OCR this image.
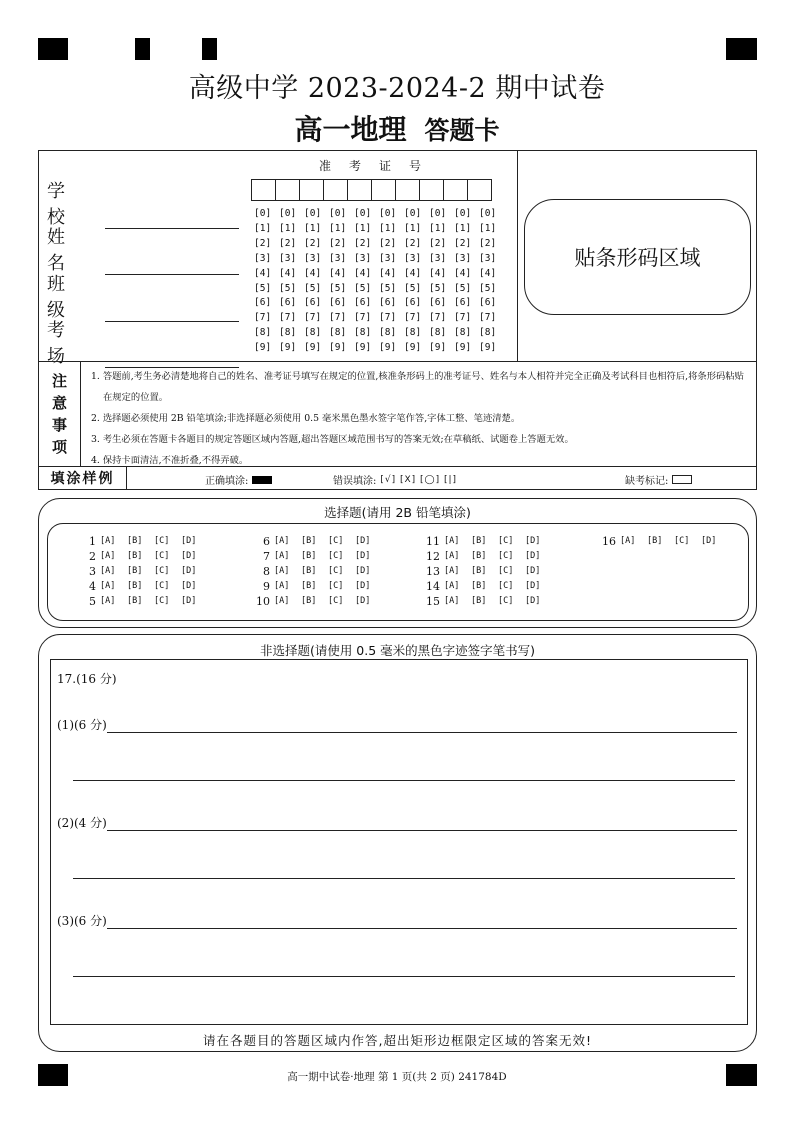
高级中学 2023-2024-2 期中试卷
高一地理 答题卡
学 校
姓 名
班 级
考 场
准考证号
[0] [0] [0] [0] [0] [0] [0] [0] [0] [0]
[1] [1] [1] [1] [1] [1] [1] [1] [1] [1]
[2] [2] [2] [2] [2] [2] [2] [2] [2] [2]
[3] [3] [3] [3] [3] [3] [3] [3] [3] [3]
[4] [4] [4] [4] [4] [4] [4] [4] [4] [4]
[5] [5] [5] [5] [5] [5] [5] [5] [5] [5]
[6] [6] [6] [6] [6] [6] [6] [6] [6] [6]
[7] [7] [7] [7] [7] [7] [7] [7] [7] [7]
[8] [8] [8] [8] [8] [8] [8] [8] [8] [8]
[9] [9] [9] [9] [9] [9] [9] [9] [9] [9]
贴条形码区域
注
意
事
项
1. 答题前,考生务必清楚地将自己的姓名、准考证号填写在规定的位置,核准条形码上的准考证号、姓名与本人相符并完全正确及考试科目也相符后,将条形码粘贴在规定的位置。
2. 选择题必须使用 2B 铅笔填涂;非选择题必须使用 0.5 毫米黑色墨水签字笔作答,字体工整、笔迹清楚。
3. 考生必须在答题卡各题目的规定答题区域内答题,超出答题区域范围书写的答案无效;在草稿纸、试题卷上答题无效。
4. 保持卡面清洁,不准折叠,不得弄破。
填涂样例	正确填涂:	错误填涂: [√] [X] [◯] [|]	缺考标记:
选择题(请用 2B 铅笔填涂)
1 [A]	[B]	[C]	[D]
2 [A]	[B]	[C]	[D]
3 [A]	[B]	[C]	[D]
4 [A]	[B]	[C]	[D]
5 [A]	[B]	[C]	[D]
6 [A]	[B]	[C]	[D]
7 [A]	[B]	[C]	[D]
8 [A]	[B]	[C]	[D]
9 [A]	[B]	[C]	[D]
10 [A]	[B]	[C]	[D]
11 [A]	[B]	[C]	[D]
12 [A]	[B]	[C]	[D]
13 [A]	[B]	[C]	[D]
14 [A]	[B]	[C]	[D]
15 [A]	[B]	[C]	[D]
16 [A]	[B]	[C]	[D]
非选择题(请使用 0.5 毫米的黑色字迹签字笔书写)
17.(16 分)
(1)(6 分)
(2)(4 分)
(3)(6 分)
请在各题目的答题区域内作答,超出矩形边框限定区域的答案无效!
高一期中试卷·地理 第 1 页(共 2 页) 241784D
